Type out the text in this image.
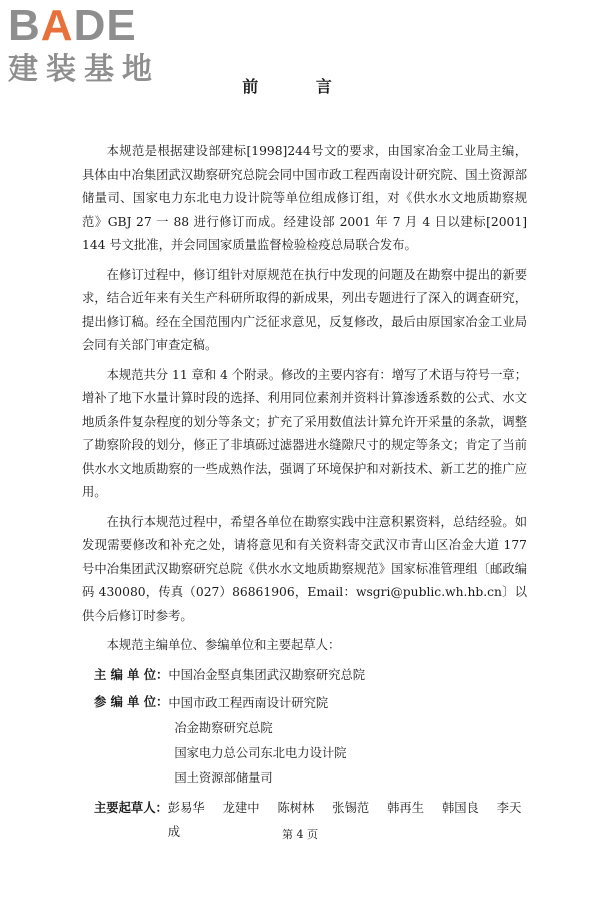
BADE
建装基地	前 言

本规范是根据建设部建标[1998]244号文的要求，由国家冶金工业局主编，具体由中冶集团武汉勘察研究总院会同中国市政工程西南设计研究院、国土资源部储量司、国家电力东北电力设计院等单位组成修订组，对《供水水文地质勘察规范》GBJ 27 一 88 进行修订而成。经建设部 2001 年 7 月 4 日以建标[2001] 144 号文批准，并会同国家质量监督检验检疫总局联合发布。

在修订过程中，修订组针对原规范在执行中发现的问题及在勘察中提出的新要求，结合近年来有关生产科研所取得的新成果，列出专题进行了深入的调查研究，提出修订稿。经在全国范围内广泛征求意见，反复修改，最后由原国家冶金工业局会同有关部门审查定稿。

本规范共分 11 章和 4 个附录。修改的主要内容有：增写了术语与符号一章；增补了地下水量计算时段的选择、利用同位素剂并资料计算渗透系数的公式、水文地质条件复杂程度的划分等条文；扩充了采用数值法计算允许开采量的条款，调整了勘察阶段的划分，修正了非填砾过滤器进水缝隙尺寸的规定等条文；肯定了当前供水水文地质勘察的一些成熟作法，强调了环境保护和对新技术、新工艺的推广应用。

在执行本规范过程中，希望各单位在勘察实践中注意积累资料，总结经验。如发现需要修改和补充之处，请将意见和有关资料寄交武汉市青山区冶金大道 177 号中冶集团武汉勘察研究总院《供水水文地质勘察规范》国家标准管理组〔邮政编码 430080，传真（027）86861906，Email：wsgri@public.wh.hb.cn〕以供今后修订时参考。

本规范主编单位、参编单位和主要起草人：

主 编 单 位： 中国冶金堅貞集团武汉勘察研究总院
参 编 单 位： 中国市政工程西南设计研究院
冶金勘察研究总院
国家电力总公司东北电力设计院
国土资源部储量司
主要起草人： 彭易华 龙建中 陈树林 张锡范 韩再生 韩国良 李天成	第 4 页
